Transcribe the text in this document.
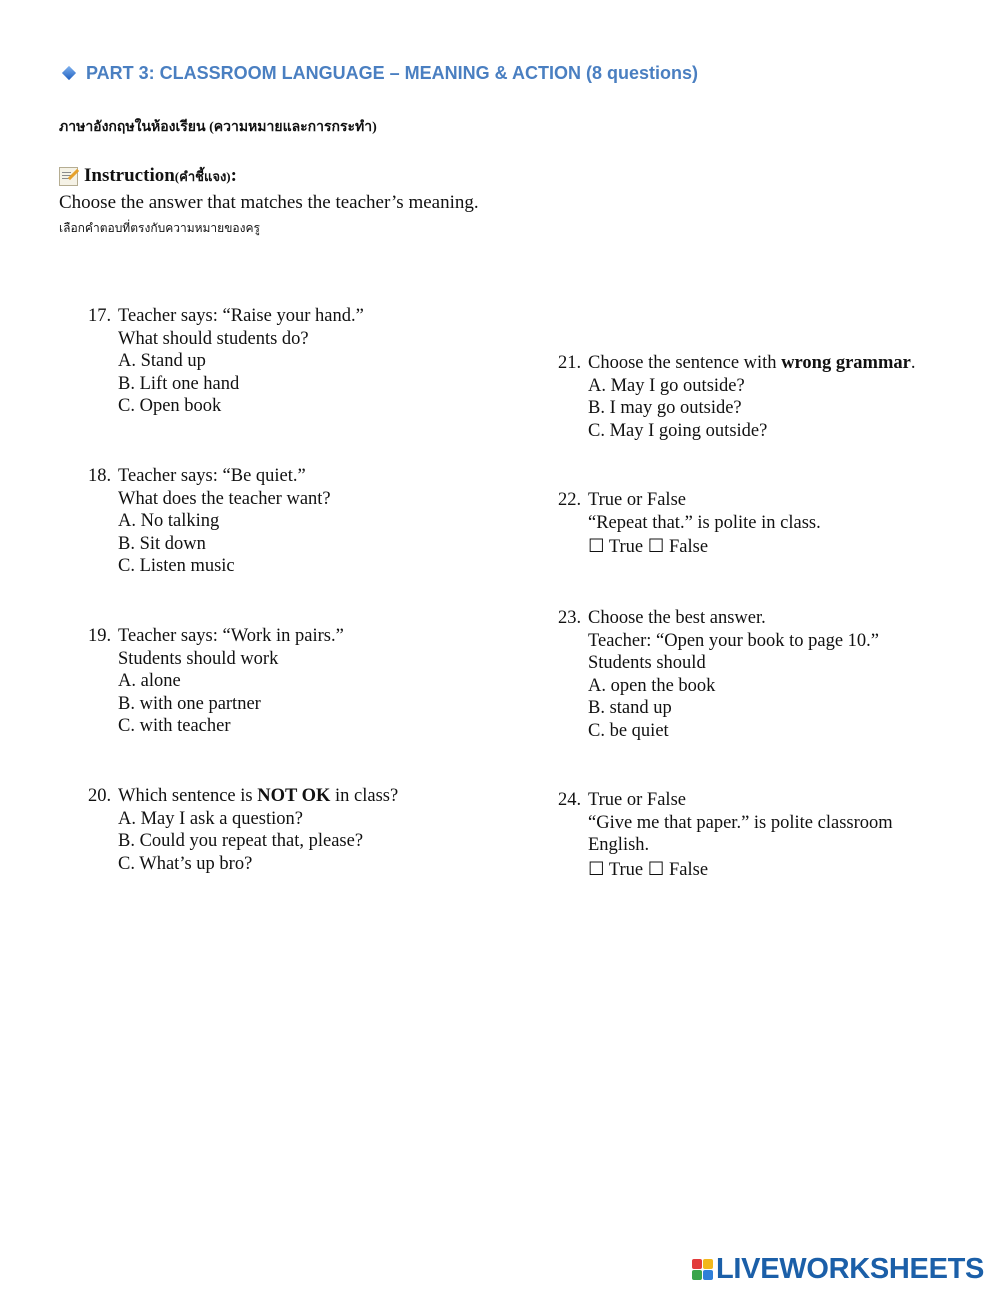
PART 3: CLASSROOM LANGUAGE – MEANING & ACTION (8 questions)
ภาษาอังกฤษในห้องเรียน (ความหมายและการกระทำ)
Instruction (คำชี้แจง) :
Choose the answer that matches the teacher’s meaning.
เลือกคำตอบที่ตรงกับความหมายของครู
17. Teacher says: “Raise your hand.”
What should students do?
A. Stand up
B. Lift one hand
C. Open book
18. Teacher says: “Be quiet.”
What does the teacher want?
A. No talking
B. Sit down
C. Listen music
19. Teacher says: “Work in pairs.”
Students should work
A. alone
B. with one partner
C. with teacher
20. Which sentence is NOT OK in class?
A. May I ask a question?
B. Could you repeat that, please?
C. What’s up bro?
21. Choose the sentence with wrong grammar.
A. May I go outside?
B. I may go outside?
C. May I going outside?
22. True or False
“Repeat that.” is polite in class.
☐ True ☐ False
23. Choose the best answer.
Teacher: “Open your book to page 10.”
Students should
A. open the book
B. stand up
C. be quiet
24. True or False
“Give me that paper.” is polite classroom
English.
☐ True ☐ False
LIVEWORKSHEETS
